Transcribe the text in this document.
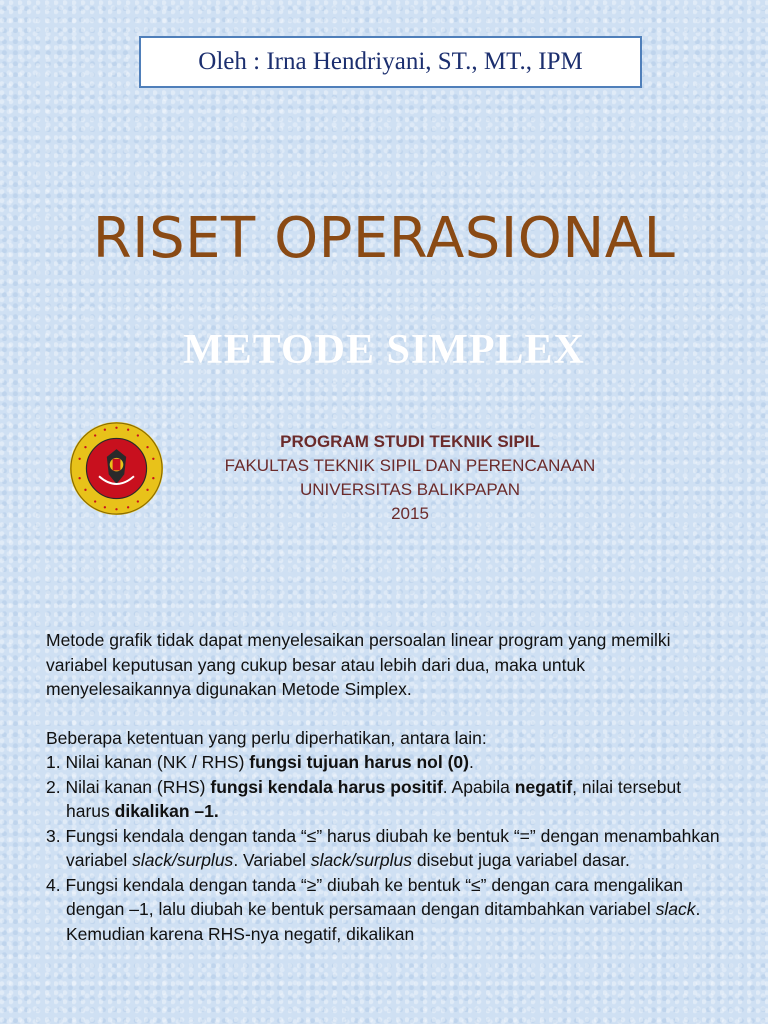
Oleh : Irna Hendriyani, ST., MT., IPM
RISET OPERASIONAL
METODE SIMPLEX
PROGRAM STUDI TEKNIK SIPIL
FAKULTAS TEKNIK SIPIL DAN PERENCANAAN
UNIVERSITAS BALIKPAPAN
2015

Metode grafik tidak dapat menyelesaikan persoalan linear program yang memilki variabel keputusan yang cukup besar atau lebih dari dua, maka untuk menyelesaikannya digunakan Metode Simplex.

Beberapa ketentuan yang perlu diperhatikan, antara lain:

1. Nilai kanan (NK / RHS) fungsi tujuan harus nol (0).
2. Nilai kanan (RHS) fungsi kendala harus positif. Apabila negatif, nilai tersebut harus dikalikan –1.
3. Fungsi kendala dengan tanda “≤” harus diubah ke bentuk “=” dengan menambahkan variabel slack/surplus. Variabel slack/surplus disebut juga variabel dasar.
4. Fungsi kendala dengan tanda “≥” diubah ke bentuk “≤” dengan cara mengalikan dengan –1, lalu diubah ke bentuk persamaan dengan ditambahkan variabel slack. Kemudian karena RHS-nya negatif, dikalikan
